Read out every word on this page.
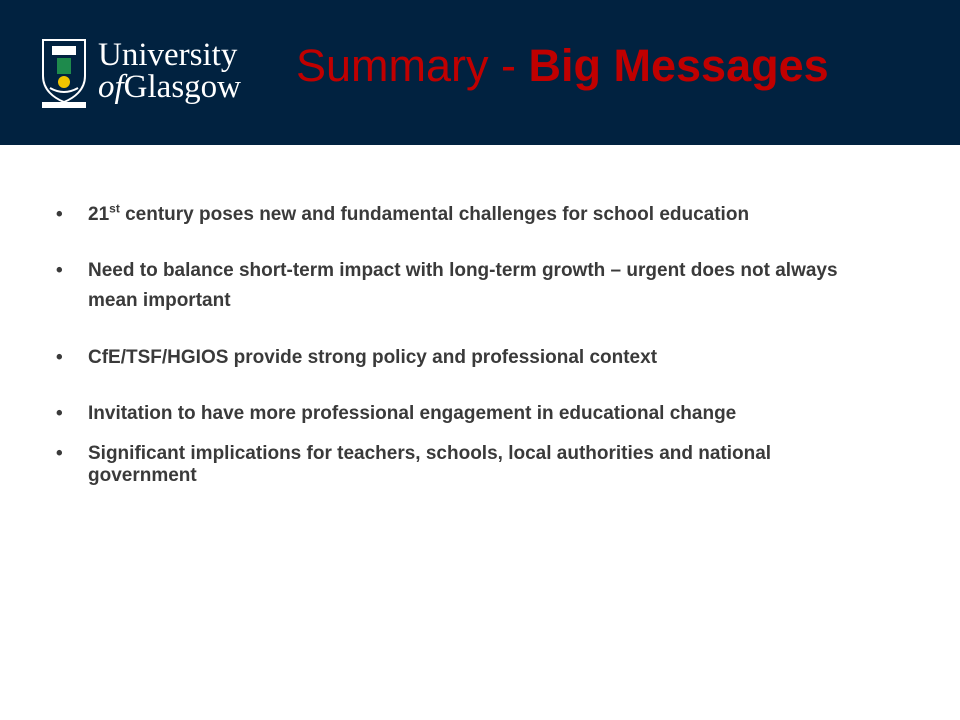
University
ofGlasgow Summary - Big Messages
• 21st century poses new and fundamental challenges for school education
• Need to balance short-term impact with long-term growth – urgent does not always mean important
• CfE/TSF/HGIOS provide strong policy and professional context
• Invitation to have more professional engagement in educational change
• Significant implications for teachers, schools, local authorities and national government
